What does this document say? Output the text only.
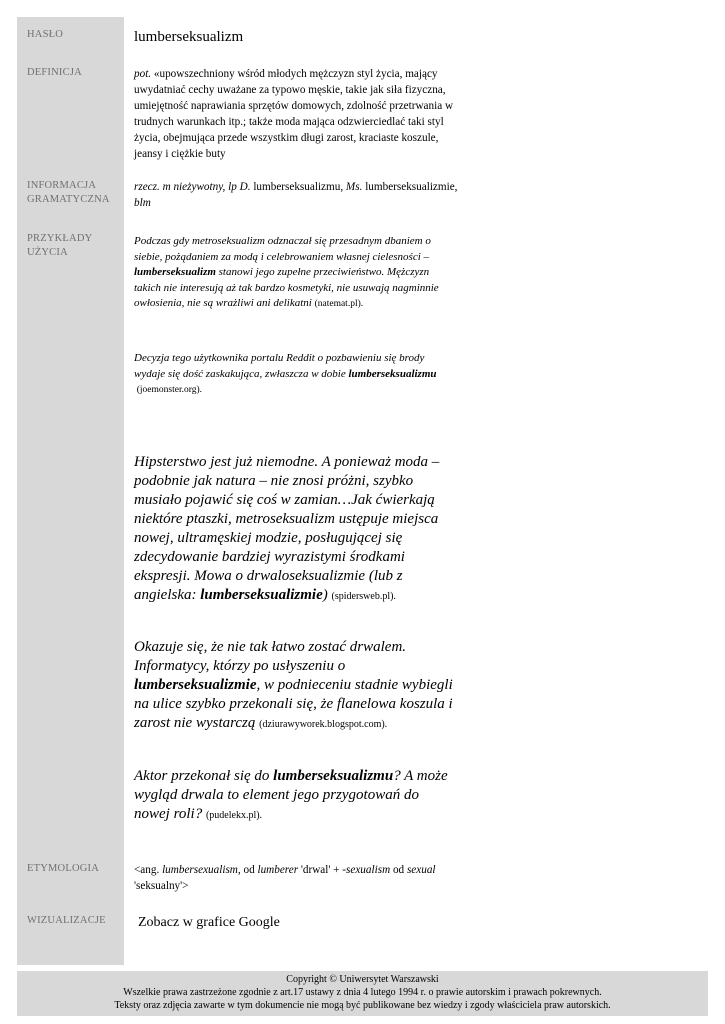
HASŁO
DEFINICJA
INFORMACJA
GRAMATYCZNA
PRZYKŁADY
UŻYCIA
ETYMOLOGIA
WIZUALIZACJE
lumberseksualizm
pot. «upowszechniony wśród młodych mężczyzn styl życia, mający uwydatniać cechy uważane za typowo męskie, takie jak siła fizyczna, umiejętność naprawiania sprzętów domowych, zdolność przetrwania w trudnych warunkach itp.; także moda mająca odzwierciedlać taki styl życia, obejmująca przede wszystkim długi zarost, kraciaste koszule, jeansy i ciężkie buty
rzecz. m nieżywotny, lp D. lumberseksualizmu, Ms. lumberseksualizmie, blm
Podczas gdy metroseksualizm odznaczał się przesadnym dbaniem o siebie, pożądaniem za modą i celebrowaniem własnej cielesności – lumberseksualizm stanowi jego zupełne przeciwieństwo. Mężczyzn takich nie interesują aż tak bardzo kosmetyki, nie usuwają nagminnie owłosienia, nie są wrażliwi ani delikatni (natemat.pl).
Decyzja tego użytkownika portalu Reddit o pozbawieniu się brody wydaje się dość zaskakująca, zwłaszcza w dobie lumberseksualizmu
(joemonster.org).
Hipsterstwo jest już niemodne. A ponieważ moda – podobnie jak natura – nie znosi próżni, szybko musiało pojawić się coś w zamian…Jak ćwierkają niektóre ptaszki, metroseksualizm ustępuje miejsca nowej, ultramęskiej modzie, posługującej się zdecydowanie bardziej wyrazistymi środkami ekspresji. Mowa o drwaloseksualizmie (lub z angielska: lumberseksualizmie) (spidersweb.pl).
Okazuje się, że nie tak łatwo zostać drwalem. Informatycy, którzy po usłyszeniu o lumberseksualizmie, w podnieceniu stadnie wybiegli na ulice szybko przekonali się, że flanelowa koszula i zarost nie wystarczą (dziurawyworek.blogspot.com).
Aktor przekonał się do lumberseksualizmu? A może wygląd drwala to element jego przygotowań do nowej roli? (pudelekx.pl).
<ang. lumbersexualism, od lumberer 'drwal' + -sexualism od sexual 'seksualny'>
Zobacz w grafice Google
Copyright © Uniwersytet Warszawski
Wszelkie prawa zastrzeżone zgodnie z art.17 ustawy z dnia 4 lutego 1994 r. o prawie autorskim i prawach pokrewnych.
Teksty oraz zdjęcia zawarte w tym dokumencie nie mogą być publikowane bez wiedzy i zgody właściciela praw autorskich.
